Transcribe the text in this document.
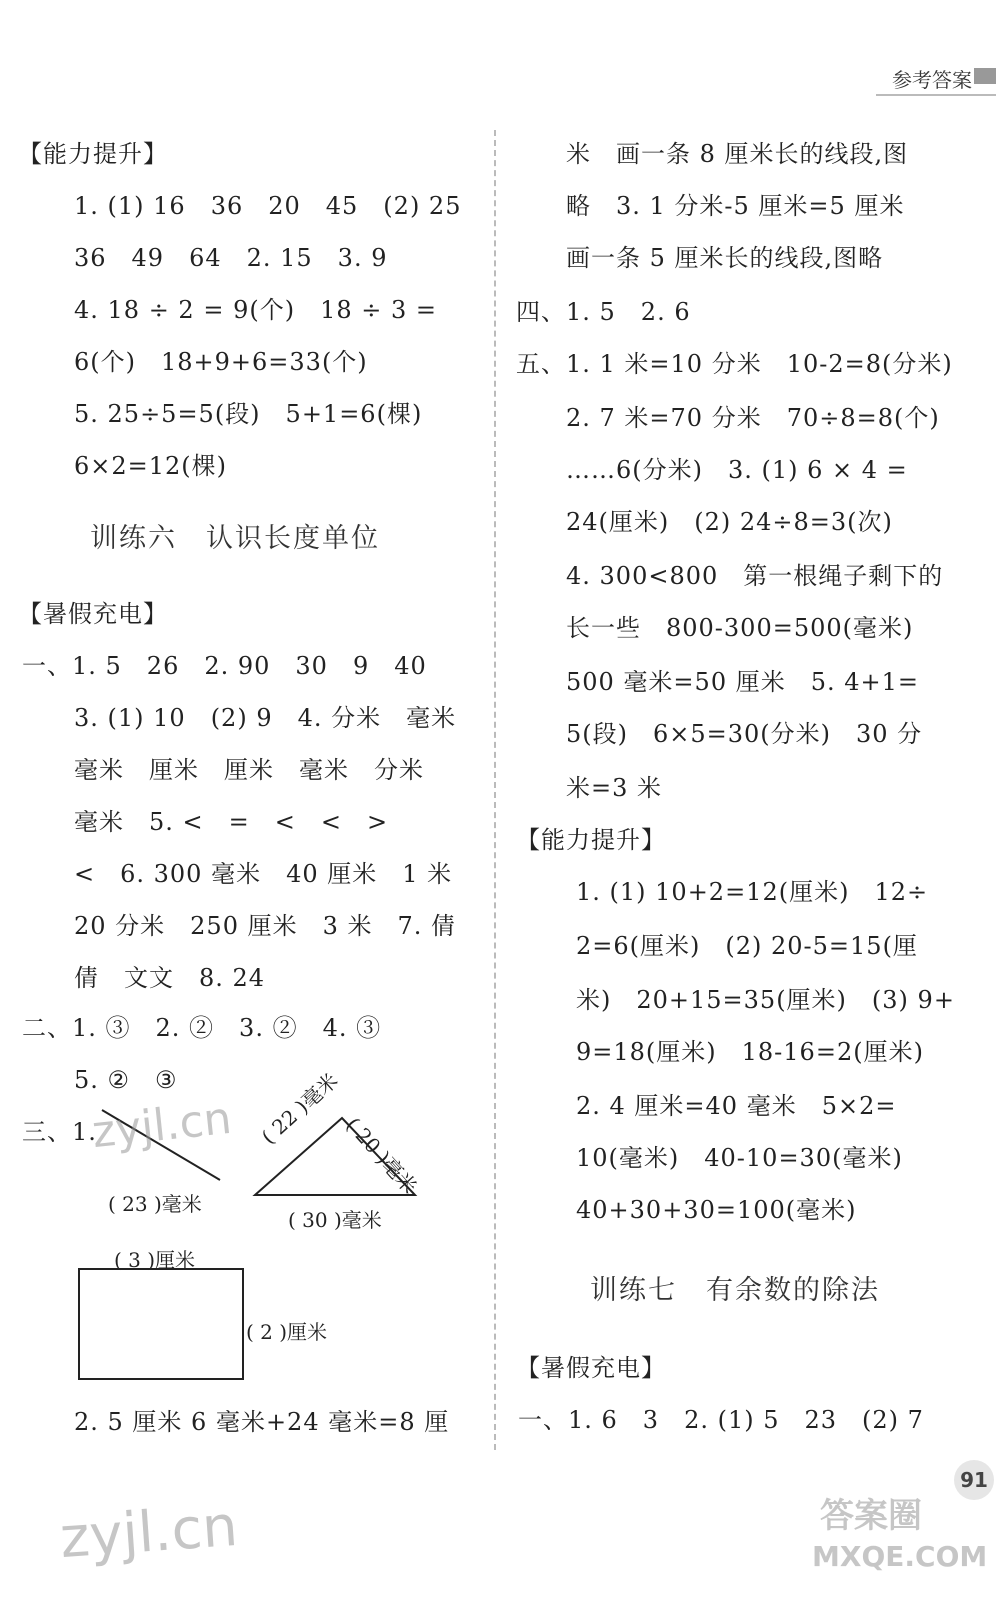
参考答案
【能力提升】
1. (1) 16　36　20　45　(2) 25
36　49　64　2. 15　3. 9
4. 18 ÷ 2 = 9(个)　18 ÷ 3 =
6(个)　18+9+6=33(个)
5. 25÷5=5(段)　5+1=6(棵)
6×2=12(棵)
训练六　认识长度单位
【暑假充电】
一、1. 5　26　2. 90　30　9　40
3. (1) 10　(2) 9　4. 分米　毫米
毫米　厘米　厘米　毫米　分米
毫米　5. <　=　<　<　>
<　6. 300 毫米　40 厘米　1 米
20 分米　250 厘米　3 米　7. 倩
倩　文文　8. 24
二、1. ③　2. ②　3. ②　4. ③
5. ②　③
三、1.
( 23 )毫米
( 22 )毫米
( 20 )毫米
( 30 )毫米
( 3 )厘米
( 2 )厘米
2. 5 厘米 6 毫米+24 毫米=8 厘
米　画一条 8 厘米长的线段,图
略　3. 1 分米-5 厘米=5 厘米
画一条 5 厘米长的线段,图略
四、1. 5　2. 6
五、1. 1 米=10 分米　10-2=8(分米)
2. 7 米=70 分米　70÷8=8(个)
……6(分米)　3. (1) 6 × 4 =
24(厘米)　(2) 24÷8=3(次)
4. 300<800　第一根绳子剩下的
长一些　800-300=500(毫米)
500 毫米=50 厘米　5. 4+1=
5(段)　6×5=30(分米)　30 分
米=3 米
【能力提升】
1. (1) 10+2=12(厘米)　12÷
2=6(厘米)　(2) 20-5=15(厘
米)　20+15=35(厘米)　(3) 9+
9=18(厘米)　18-16=2(厘米)
2. 4 厘米=40 毫米　5×2=
10(毫米)　40-10=30(毫米)
40+30+30=100(毫米)
训练七　有余数的除法
【暑假充电】
一、1. 6　3　2. (1) 5　23　(2) 7
91
zyjl.cn
zyjl.cn	答案圈
MXQE.COM
